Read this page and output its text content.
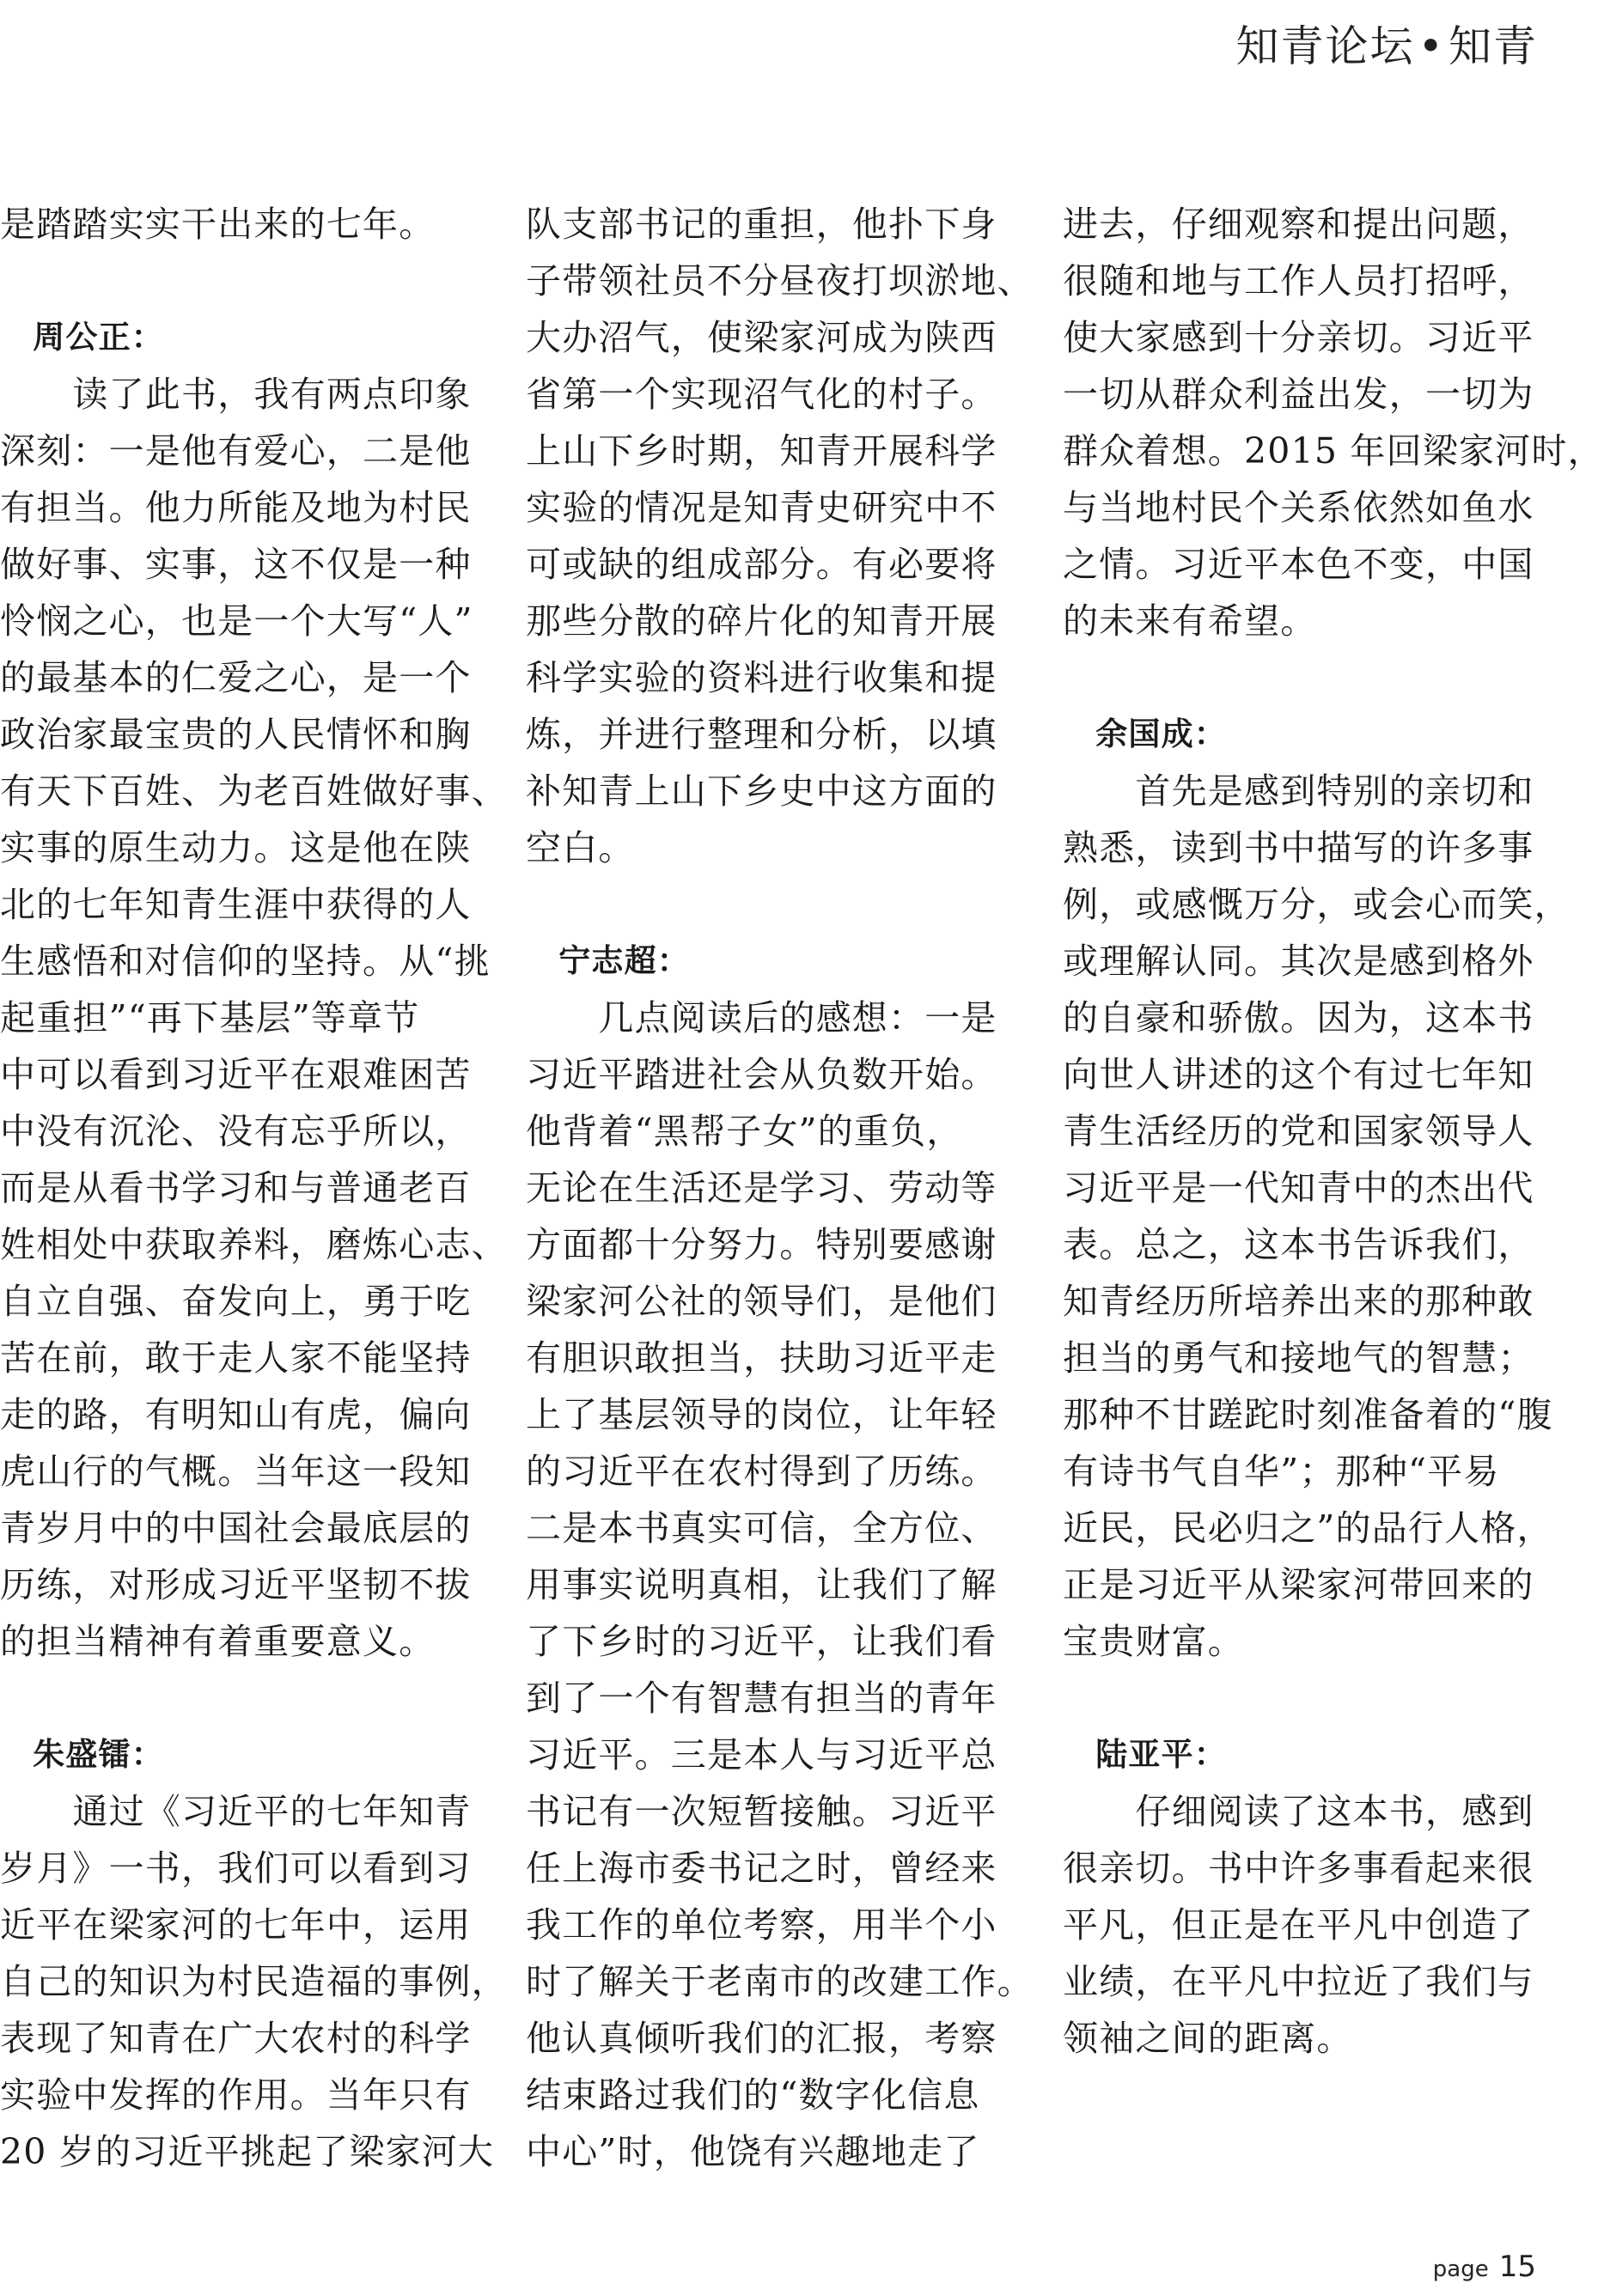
知青论坛•知青
是踏踏实实干出来的七年。
　周公正：
　　读了此书，我有两点印象
深刻：一是他有爱心，二是他
有担当。他力所能及地为村民
做好事、实事，这不仅是一种
怜悯之心，也是一个大写“人”
的最基本的仁爱之心，是一个
政治家最宝贵的人民情怀和胸
有天下百姓、为老百姓做好事、
实事的原生动力。这是他在陕
北的七年知青生涯中获得的人
生感悟和对信仰的坚持。从“挑
起重担”“再下基层”等章节
中可以看到习近平在艰难困苦
中没有沉沦、没有忘乎所以，
而是从看书学习和与普通老百
姓相处中获取养料，磨炼心志、
自立自强、奋发向上，勇于吃
苦在前，敢于走人家不能坚持
走的路，有明知山有虎，偏向
虎山行的气概。当年这一段知
青岁月中的中国社会最底层的
历练，对形成习近平坚韧不拔
的担当精神有着重要意义。
　朱盛镭：
　　通过《习近平的七年知青
岁月》一书，我们可以看到习
近平在梁家河的七年中，运用
自己的知识为村民造福的事例，
表现了知青在广大农村的科学
实验中发挥的作用。当年只有
20 岁的习近平挑起了梁家河大
队支部书记的重担，他扑下身
子带领社员不分昼夜打坝淤地、
大办沼气，使梁家河成为陕西
省第一个实现沼气化的村子。
上山下乡时期，知青开展科学
实验的情况是知青史研究中不
可或缺的组成部分。有必要将
那些分散的碎片化的知青开展
科学实验的资料进行收集和提
炼，并进行整理和分析，以填
补知青上山下乡史中这方面的
空白。
　宁志超：
　　几点阅读后的感想：一是
习近平踏进社会从负数开始。
他背着“黑帮子女”的重负，
无论在生活还是学习、劳动等
方面都十分努力。特别要感谢
梁家河公社的领导们，是他们
有胆识敢担当，扶助习近平走
上了基层领导的岗位，让年轻
的习近平在农村得到了历练。
二是本书真实可信，全方位、
用事实说明真相，让我们了解
了下乡时的习近平，让我们看
到了一个有智慧有担当的青年
习近平。三是本人与习近平总
书记有一次短暂接触。习近平
任上海市委书记之时，曾经来
我工作的单位考察，用半个小
时了解关于老南市的改建工作。
他认真倾听我们的汇报，考察
结束路过我们的“数字化信息
中心”时，他饶有兴趣地走了
进去，仔细观察和提出问题，
很随和地与工作人员打招呼，
使大家感到十分亲切。习近平
一切从群众利益出发，一切为
群众着想。2015 年回梁家河时，
与当地村民个关系依然如鱼水
之情。习近平本色不变，中国
的未来有希望。
　余国成：
　　首先是感到特别的亲切和
熟悉，读到书中描写的许多事
例，或感慨万分，或会心而笑，
或理解认同。其次是感到格外
的自豪和骄傲。因为，这本书
向世人讲述的这个有过七年知
青生活经历的党和国家领导人
习近平是一代知青中的杰出代
表。总之，这本书告诉我们，
知青经历所培养出来的那种敢
担当的勇气和接地气的智慧；
那种不甘蹉跎时刻准备着的“腹
有诗书气自华”；那种“平易
近民，民必归之”的品行人格，
正是习近平从梁家河带回来的
宝贵财富。
　陆亚平：
　　仔细阅读了这本书，感到
很亲切。书中许多事看起来很
平凡，但正是在平凡中创造了
业绩，在平凡中拉近了我们与
领袖之间的距离。
page 15
